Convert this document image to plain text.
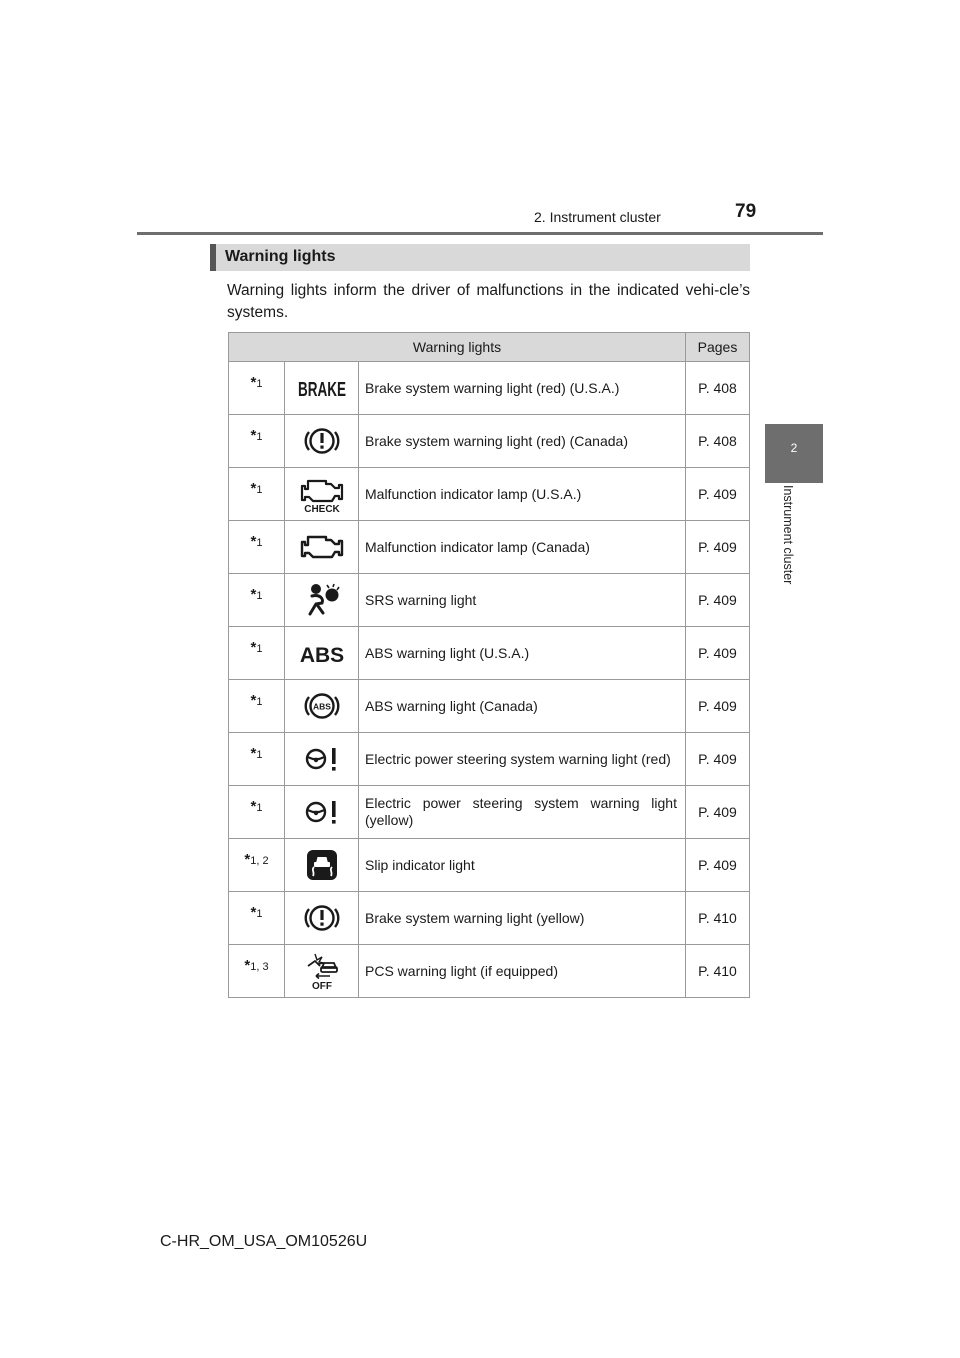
2. Instrument cluster	79
2
Instrument cluster
Warning lights
Warning lights inform the driver of malfunctions in the indicated vehi-cle’s systems.
Warning lights			Pages
*1	BRAKE	Brake system warning light (red) (U.S.A.)	P. 408
*1		Brake system warning light (red) (Canada)	P. 408
*1	CHECK	Malfunction indicator lamp (U.S.A.)	P. 409
*1		Malfunction indicator lamp (Canada)	P. 409
*1		SRS warning light	P. 409
*1	ABS	ABS warning light (U.S.A.)	P. 409
*1	ABS	ABS warning light (Canada)	P. 409
*1		Electric power steering system warning light (red)	P. 409
*1		Electric power steering system warning light (yellow)	P. 409
*1, 2		Slip indicator light	P. 409
*1		Brake system warning light (yellow)	P. 410
*1, 3	OFF	PCS warning light (if equipped)	P. 410
C-HR_OM_USA_OM10526U
